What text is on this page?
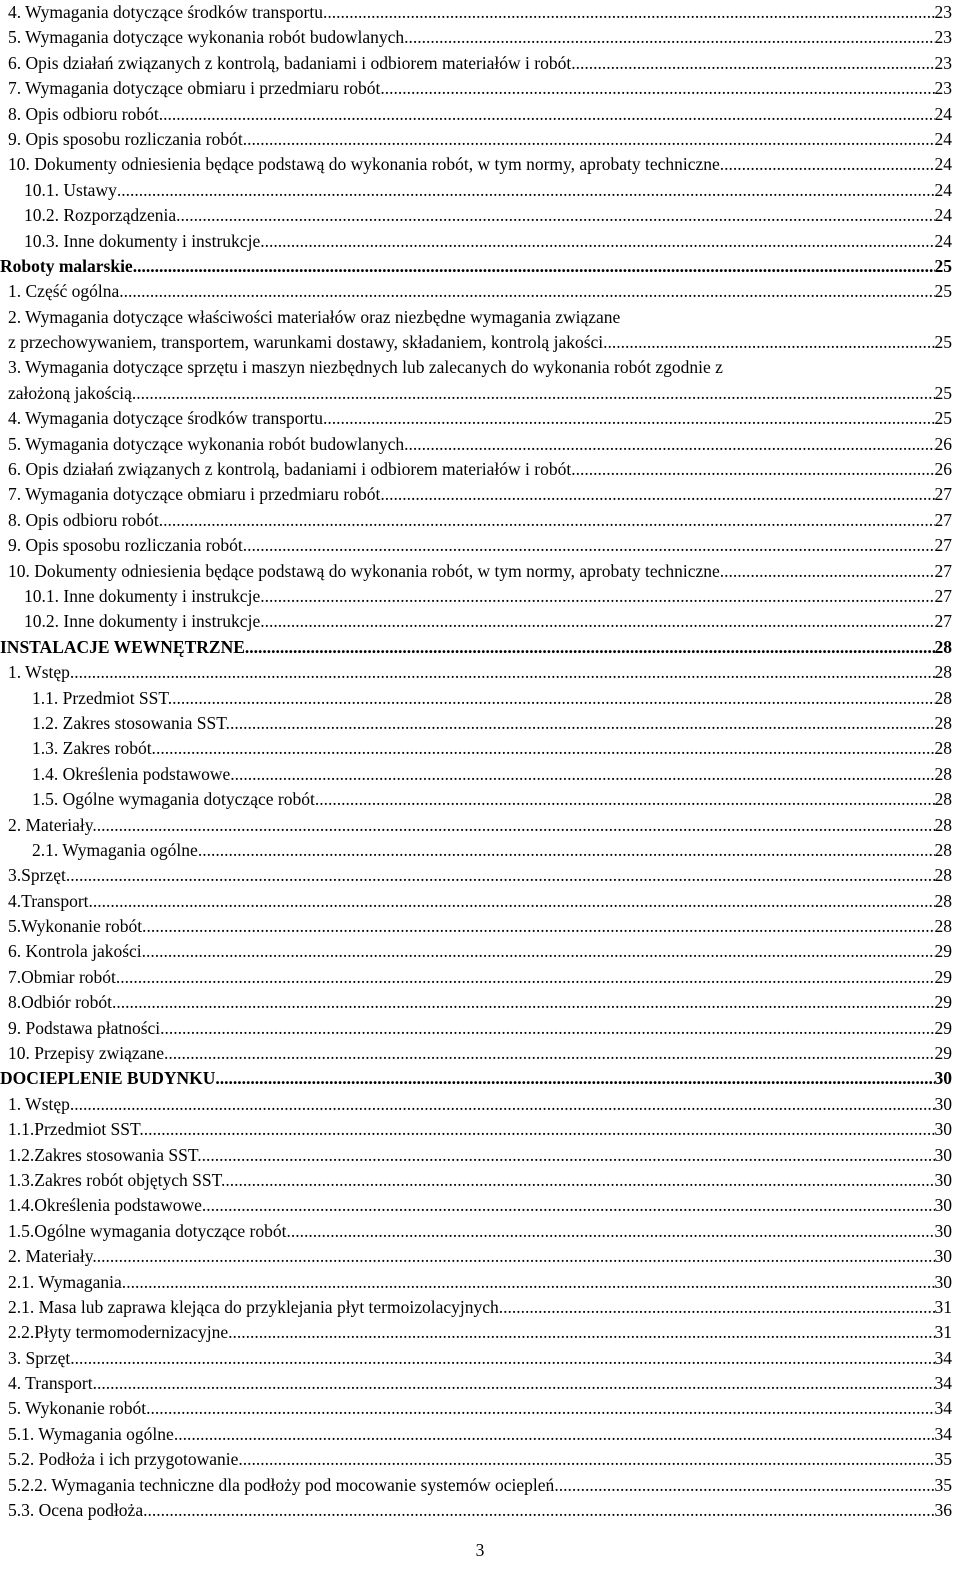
4. Wymagania dotyczące środków transportu. .....	23
5. Wymagania dotyczące wykonania robót budowlanych. .....	23
6. Opis działań związanych z kontrolą, badaniami i odbiorem materiałów i robót. .....	23
7. Wymagania dotyczące obmiaru i przedmiaru robót .....	23
8. Opis odbioru robót .....	24
9. Opis sposobu rozliczania robót .....	24
10. Dokumenty odniesienia będące podstawą do wykonania robót, w tym normy, aprobaty techniczne. .....	24
10.1. Ustawy .....	24
10.2. Rozporządzenia .....	24
10.3. Inne dokumenty i instrukcje .....	24
Roboty malarskie .....	25
1. Część ogólna .....	25
2. Wymagania dotyczące właściwości materiałów oraz niezbędne wymagania związane
z przechowywaniem, transportem, warunkami dostawy, składaniem, kontrolą jakości .....	25
3. Wymagania dotyczące sprzętu i maszyn niezbędnych lub zalecanych do wykonania robót zgodnie z
założoną jakością. .....	25
4. Wymagania dotyczące środków transportu. .....	25
5. Wymagania dotyczące wykonania robót budowlanych. .....	26
6. Opis działań związanych z kontrolą, badaniami i odbiorem materiałów i robót. .....	26
7. Wymagania dotyczące obmiaru i przedmiaru robót .....	27
8. Opis odbioru robót .....	27
9. Opis sposobu rozliczania robót .....	27
10. Dokumenty odniesienia będące podstawą do wykonania robót, w tym normy, aprobaty techniczne. .....	27
10.1. Inne dokumenty i instrukcje .....	27
10.2. Inne dokumenty i instrukcje .....	27
INSTALACJE WEWNĘTRZNE .....	28
1. Wstęp. .....	28
1.1. Przedmiot SST. .....	28
1.2. Zakres stosowania SST. .....	28
1.3. Zakres robót. .....	28
1.4. Określenia podstawowe. .....	28
1.5. Ogólne wymagania dotyczące robót. .....	28
2. Materiały. .....	28
2.1. Wymagania ogólne .....	28
3.Sprzęt. .....	28
4.Transport. .....	28
5.Wykonanie robót. .....	28
6. Kontrola jakości .....	29
7.Obmiar robót. .....	29
8.Odbiór robót. .....	29
9. Podstawa płatności. .....	29
10. Przepisy związane. .....	29
DOCIEPLENIE BUDYNKU .....	30
1. Wstęp .....	30
1.1.Przedmiot SST. .....	30
1.2.Zakres stosowania SST. .....	30
1.3.Zakres robót objętych SST. .....	30
1.4.Określenia podstawowe. .....	30
1.5.Ogólne wymagania dotyczące robót. .....	30
2. Materiały. .....	30
2.1. Wymagania. .....	30
2.1. Masa lub zaprawa klejąca do przyklejania płyt termoizolacyjnych. .....	31
2.2.Płyty termomodernizacyjne. .....	31
3. Sprzęt .....	34
4. Transport .....	34
5. Wykonanie robót. .....	34
5.1. Wymagania ogólne .....	34
5.2. Podłoża i ich przygotowanie. .....	35
5.2.2. Wymagania techniczne dla podłoży pod mocowanie systemów ociepleń .....	35
5.3. Ocena podłoża. .....	36
3
